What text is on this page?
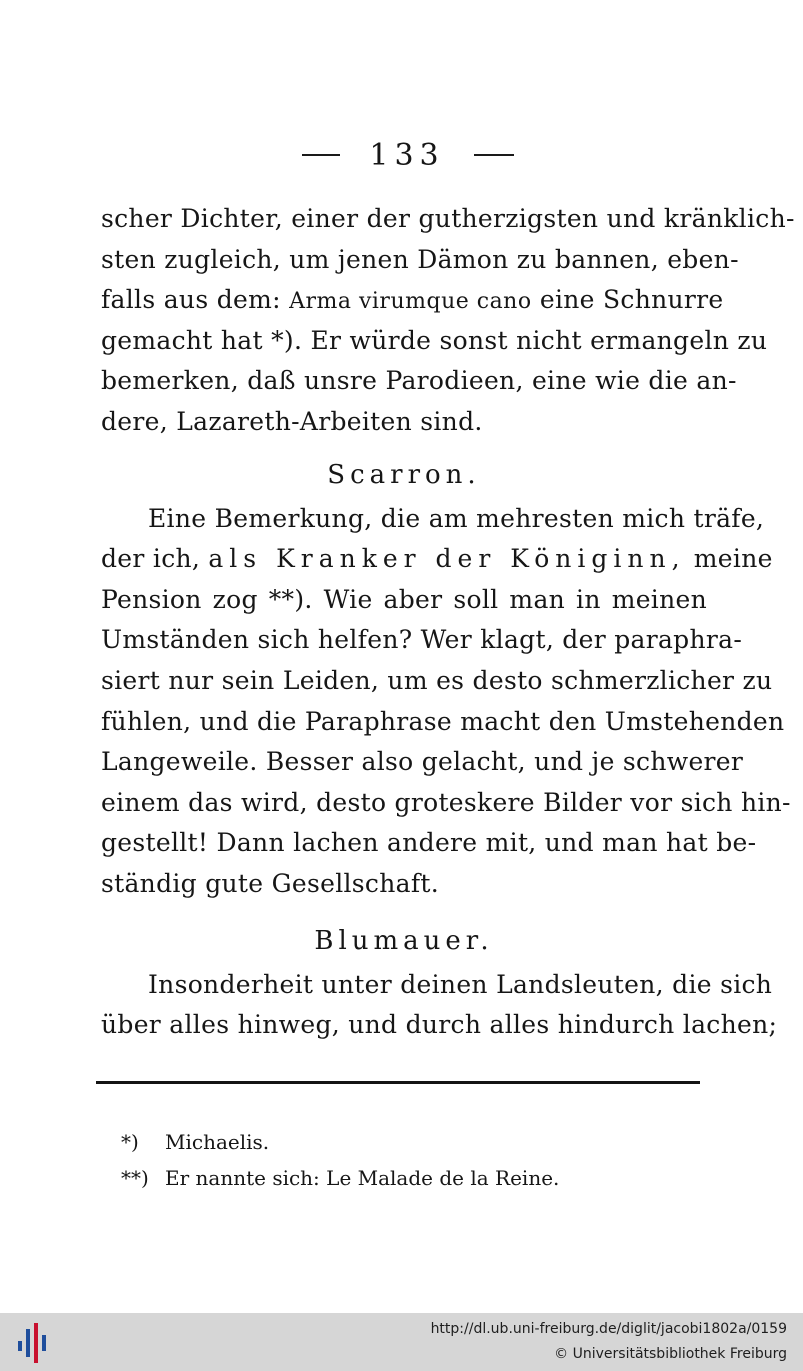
133
scher Dichter, einer der gutherzigsten und kränklich-
sten zugleich, um jenen Dämon zu bannen, eben-
falls aus dem: Arma virumque cano eine Schnurre
gemacht hat *). Er würde sonst nicht ermangeln zu
bemerken, daß unsre Parodieen, eine wie die an-
dere, Lazareth-Arbeiten sind.
Scarron.
Eine Bemerkung, die am mehresten mich träfe,
der ich, als Kranker der Königinn, meine
Pension zog **). Wie aber soll man in meinen
Umständen sich helfen? Wer klagt, der paraphra-
siert nur sein Leiden, um es desto schmerzlicher zu
fühlen, und die Paraphrase macht den Umstehenden
Langeweile. Besser also gelacht, und je schwerer
einem das wird, desto groteskere Bilder vor sich hin-
gestellt! Dann lachen andere mit, und man hat be-
ständig gute Gesellschaft.
Blumauer.
Insonderheit unter deinen Landsleuten, die sich
über alles hinweg, und durch alles hindurch lachen;
*) Michaelis.
**) Er nannte sich: Le Malade de la Reine.
http://dl.ub.uni-freiburg.de/diglit/jacobi1802a/0159
© Universitätsbibliothek Freiburg
